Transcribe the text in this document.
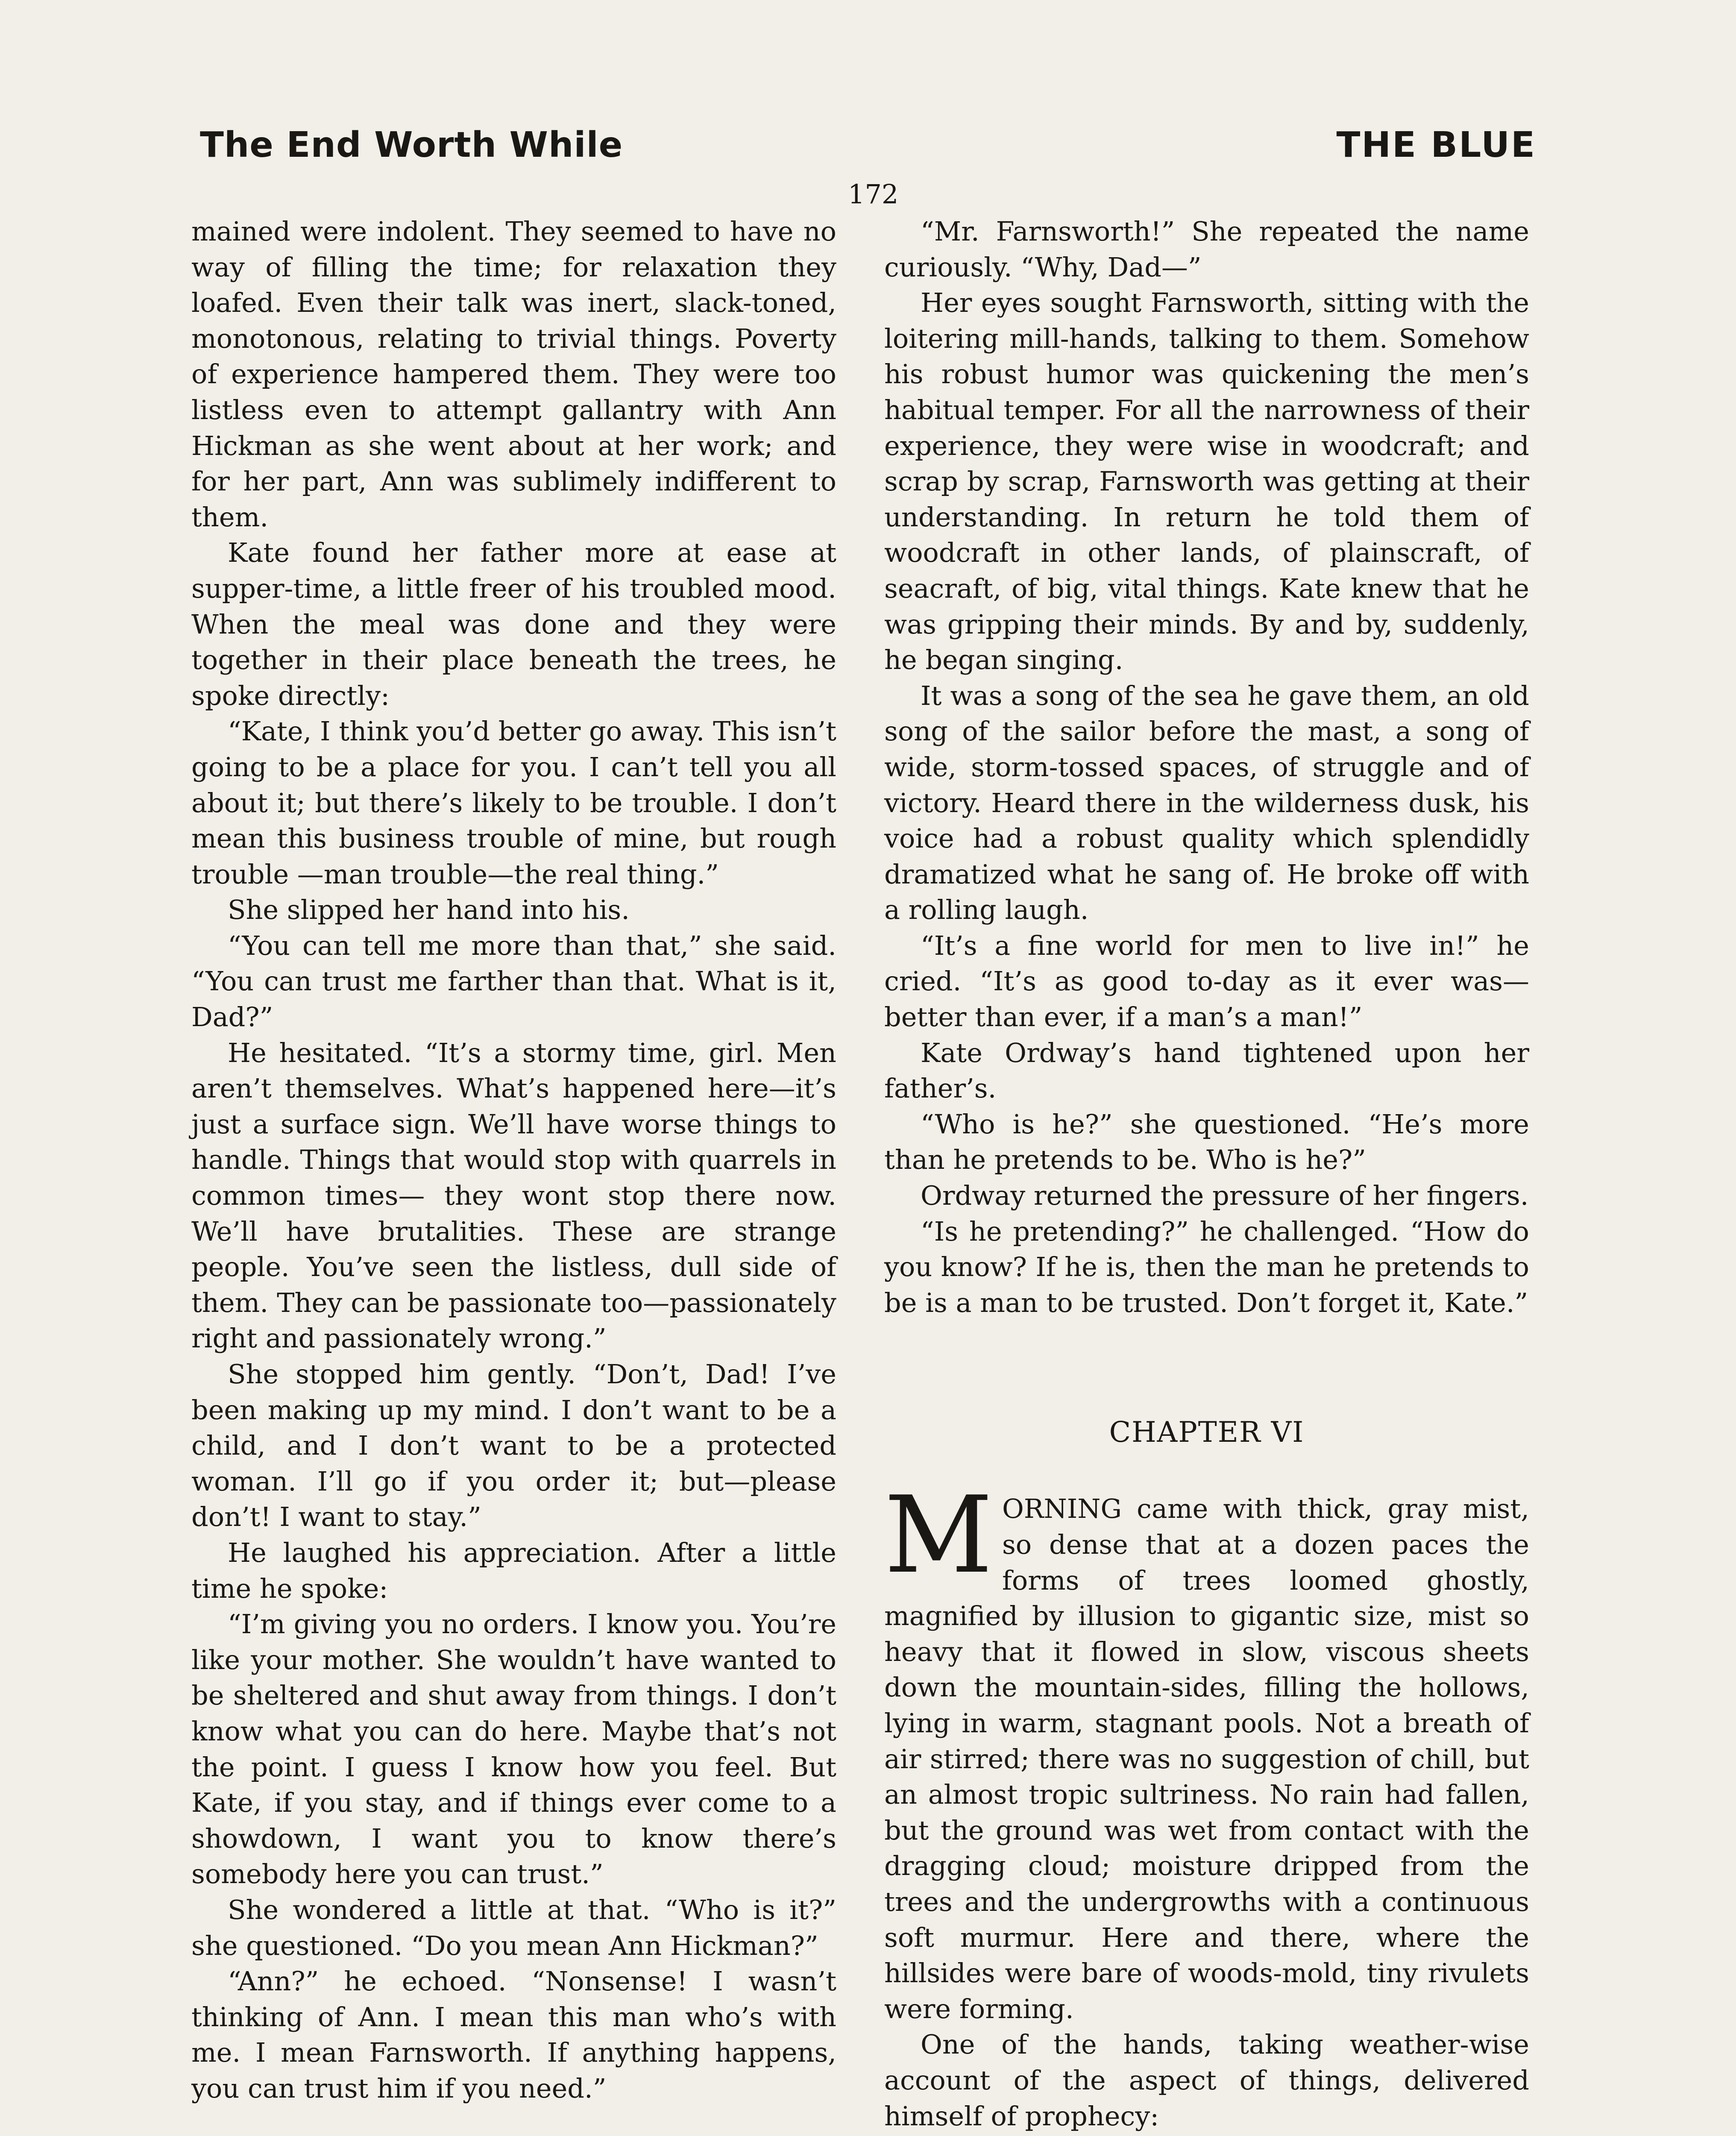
The End Worth While	THE BLUE
172

mained were indolent. They seemed to have no way of filling the time; for relaxation they loafed. Even their talk was inert, slack-toned, monotonous, relating to trivial things. Poverty of experience hampered them. They were too listless even to attempt gallantry with Ann Hickman as she went about at her work; and for her part, Ann was sublimely indifferent to them.

Kate found her father more at ease at supper-time, a little freer of his troubled mood. When the meal was done and they were together in their place beneath the trees, he spoke directly:

“Kate, I think you’d better go away. This isn’t going to be a place for you. I can’t tell you all about it; but there’s likely to be trouble. I don’t mean this business trouble of mine, but rough trouble —man trouble—the real thing.”

She slipped her hand into his.

“You can tell me more than that,” she said. “You can trust me farther than that. What is it, Dad?”

He hesitated. “It’s a stormy time, girl. Men aren’t themselves. What’s happened here—it’s just a surface sign. We’ll have worse things to handle. Things that would stop with quarrels in common times— they wont stop there now. We’ll have brutalities. These are strange people. You’ve seen the listless, dull side of them. They can be passionate too—passionately right and passionately wrong.”

She stopped him gently. “Don’t, Dad! I’ve been making up my mind. I don’t want to be a child, and I don’t want to be a protected woman. I’ll go if you order it; but—please don’t! I want to stay.”

He laughed his appreciation. After a little time he spoke:

“I’m giving you no orders. I know you. You’re like your mother. She wouldn’t have wanted to be sheltered and shut away from things. I don’t know what you can do here. Maybe that’s not the point. I guess I know how you feel. But Kate, if you stay, and if things ever come to a showdown, I want you to know there’s somebody here you can trust.”

She wondered a little at that. “Who is it?” she questioned. “Do you mean Ann Hickman?”

“Ann?” he echoed. “Nonsense! I wasn’t thinking of Ann. I mean this man who’s with me. I mean Farnsworth. If anything happens, you can trust him if you need.”

“Mr. Farnsworth!” She repeated the name curiously. “Why, Dad—”

Her eyes sought Farnsworth, sitting with the loitering mill-hands, talking to them. Somehow his robust humor was quickening the men’s habitual temper. For all the narrowness of their experience, they were wise in woodcraft; and scrap by scrap, Farnsworth was getting at their understanding. In return he told them of woodcraft in other lands, of plainscraft, of seacraft, of big, vital things. Kate knew that he was gripping their minds. By and by, suddenly, he began singing.

It was a song of the sea he gave them, an old song of the sailor before the mast, a song of wide, storm-tossed spaces, of struggle and of victory. Heard there in the wilderness dusk, his voice had a robust quality which splendidly dramatized what he sang of. He broke off with a rolling laugh.

“It’s a fine world for men to live in!” he cried. “It’s as good to-day as it ever was—better than ever, if a man’s a man!”

Kate Ordway’s hand tightened upon her father’s.

“Who is he?” she questioned. “He’s more than he pretends to be. Who is he?”

Ordway returned the pressure of her fingers.

“Is he pretending?” he challenged. “How do you know? If he is, then the man he pretends to be is a man to be trusted. Don’t forget it, Kate.”

CHAPTER VI

MORNING came with thick, gray mist, so dense that at a dozen paces the forms of trees loomed ghostly, magnified by illusion to gigantic size, mist so heavy that it flowed in slow, viscous sheets down the mountain-sides, filling the hollows, lying in warm, stagnant pools. Not a breath of air stirred; there was no suggestion of chill, but an almost tropic sultriness. No rain had fallen, but the ground was wet from contact with the dragging cloud; moisture dripped from the trees and the undergrowths with a continuous soft murmur. Here and there, where the hillsides were bare of woods-mold, tiny rivulets were forming.

One of the hands, taking weather-wise account of the aspect of things, delivered himself of prophecy:
